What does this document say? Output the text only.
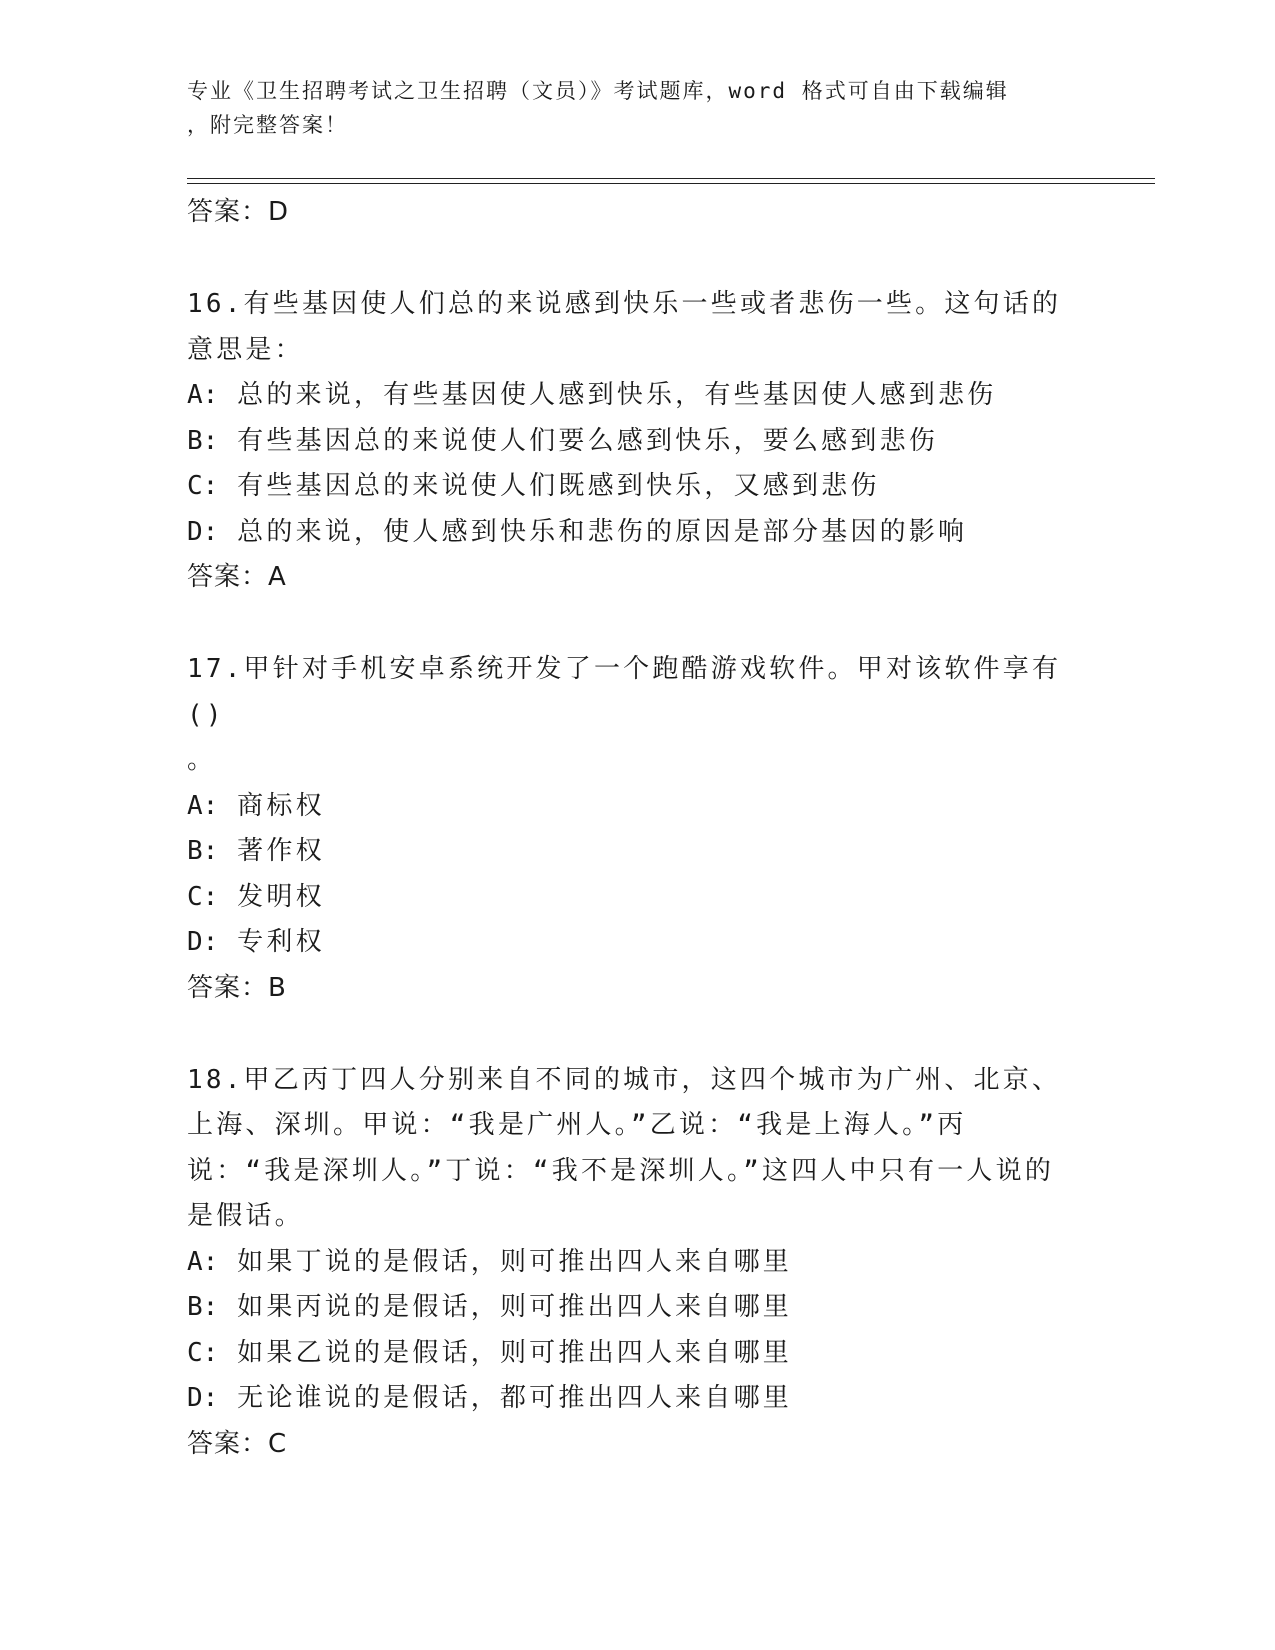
专业《卫生招聘考试之卫生招聘（文员）》考试题库，word 格式可自由下载编辑
，附完整答案！
答案：D
16.有些基因使人们总的来说感到快乐一些或者悲伤一些。这句话的意思是：
A: 总的来说，有些基因使人感到快乐，有些基因使人感到悲伤
B: 有些基因总的来说使人们要么感到快乐，要么感到悲伤
C: 有些基因总的来说使人们既感到快乐，又感到悲伤
D: 总的来说，使人感到快乐和悲伤的原因是部分基因的影响
答案：A
17.甲针对手机安卓系统开发了一个跑酷游戏软件。甲对该软件享有()
。
A: 商标权
B: 著作权
C: 发明权
D: 专利权
答案：B
18.甲乙丙丁四人分别来自不同的城市，这四个城市为广州、北京、上海、深圳。甲说：“我是广州人。”乙说：“我是上海人。”丙说：“我是深圳人。”丁说：“我不是深圳人。”这四人中只有一人说的是假话。
A: 如果丁说的是假话，则可推出四人来自哪里
B: 如果丙说的是假话，则可推出四人来自哪里
C: 如果乙说的是假话，则可推出四人来自哪里
D: 无论谁说的是假话，都可推出四人来自哪里
答案：C
